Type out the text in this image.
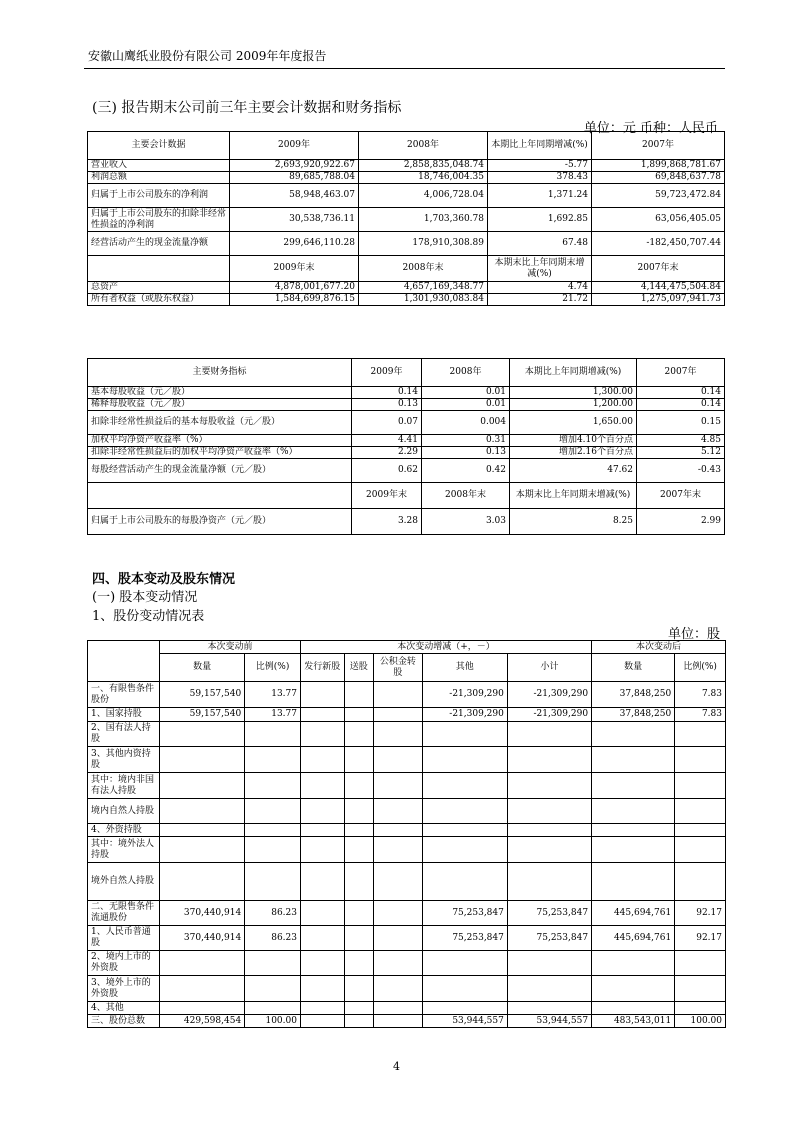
安徽山鹰纸业股份有限公司 2009年年度报告
(三) 报告期末公司前三年主要会计数据和财务指标
单位：元 币种：人民币
主要会计数据	2009年	2008年	本期比上年同期增减(%)	2007年
营业收入	2,693,920,922.67	2,858,835,048.74	-5.77	1,899,868,781.67
利润总额	89,685,788.04	18,746,004.35	378.43	69,848,637.78
归属于上市公司股东的净利润	58,948,463.07	4,006,728.04	1,371.24	59,723,472.84
归属于上市公司股东的扣除非经常性损益的净利润	30,538,736.11	1,703,360.78	1,692.85	63,056,405.05
经营活动产生的现金流量净额	299,646,110.28	178,910,308.89	67.48	-182,450,707.44
	2009年末	2008年末	本期末比上年同期末增减(%)	2007年末
总资产	4,878,001,677.20	4,657,169,348.77	4.74	4,144,475,504.84
所有者权益（或股东权益）	1,584,699,876.15	1,301,930,083.84	21.72	1,275,097,941.73
主要财务指标	2009年	2008年	本期比上年同期增减(%)	2007年
基本每股收益（元／股）	0.14	0.01	1,300.00	0.14
稀释每股收益（元／股）	0.13	0.01	1,200.00	0.14
扣除非经常性损益后的基本每股收益（元／股）	0.07	0.004	1,650.00	0.15
加权平均净资产收益率（%）	4.41	0.31	增加4.10个百分点	4.85
扣除非经常性损益后的加权平均净资产收益率（%）	2.29	0.13	增加2.16个百分点	5.12
每股经营活动产生的现金流量净额（元／股）	0.62	0.42	47.62	-0.43
	2009年末	2008年末	本期末比上年同期末增减(%)	2007年末
归属于上市公司股东的每股净资产（元／股）	3.28	3.03	8.25	2.99
四、股本变动及股东情况
(一) 股本变动情况
1、股份变动情况表
单位：股
	本次变动前		本次变动增减（+，－）					本次变动后	
	数量	比例(%)	发行新股	送股	公积金转股	其他	小计	数量	比例(%)
一、有限售条件股份	59,157,540	13.77				-21,309,290	-21,309,290	37,848,250	7.83
1、国家持股	59,157,540	13.77				-21,309,290	-21,309,290	37,848,250	7.83
2、国有法人持股									
3、其他内资持股									
其中：境内非国有法人持股									
境内自然人持股									
4、外资持股									
其中：境外法人持股									
境外自然人持股									
二、无限售条件流通股份	370,440,914	86.23				75,253,847	75,253,847	445,694,761	92.17
1、人民币普通股	370,440,914	86.23				75,253,847	75,253,847	445,694,761	92.17
2、境内上市的外资股									
3、境外上市的外资股									
4、其他									
三、股份总数	429,598,454	100.00				53,944,557	53,944,557	483,543,011	100.00
4
